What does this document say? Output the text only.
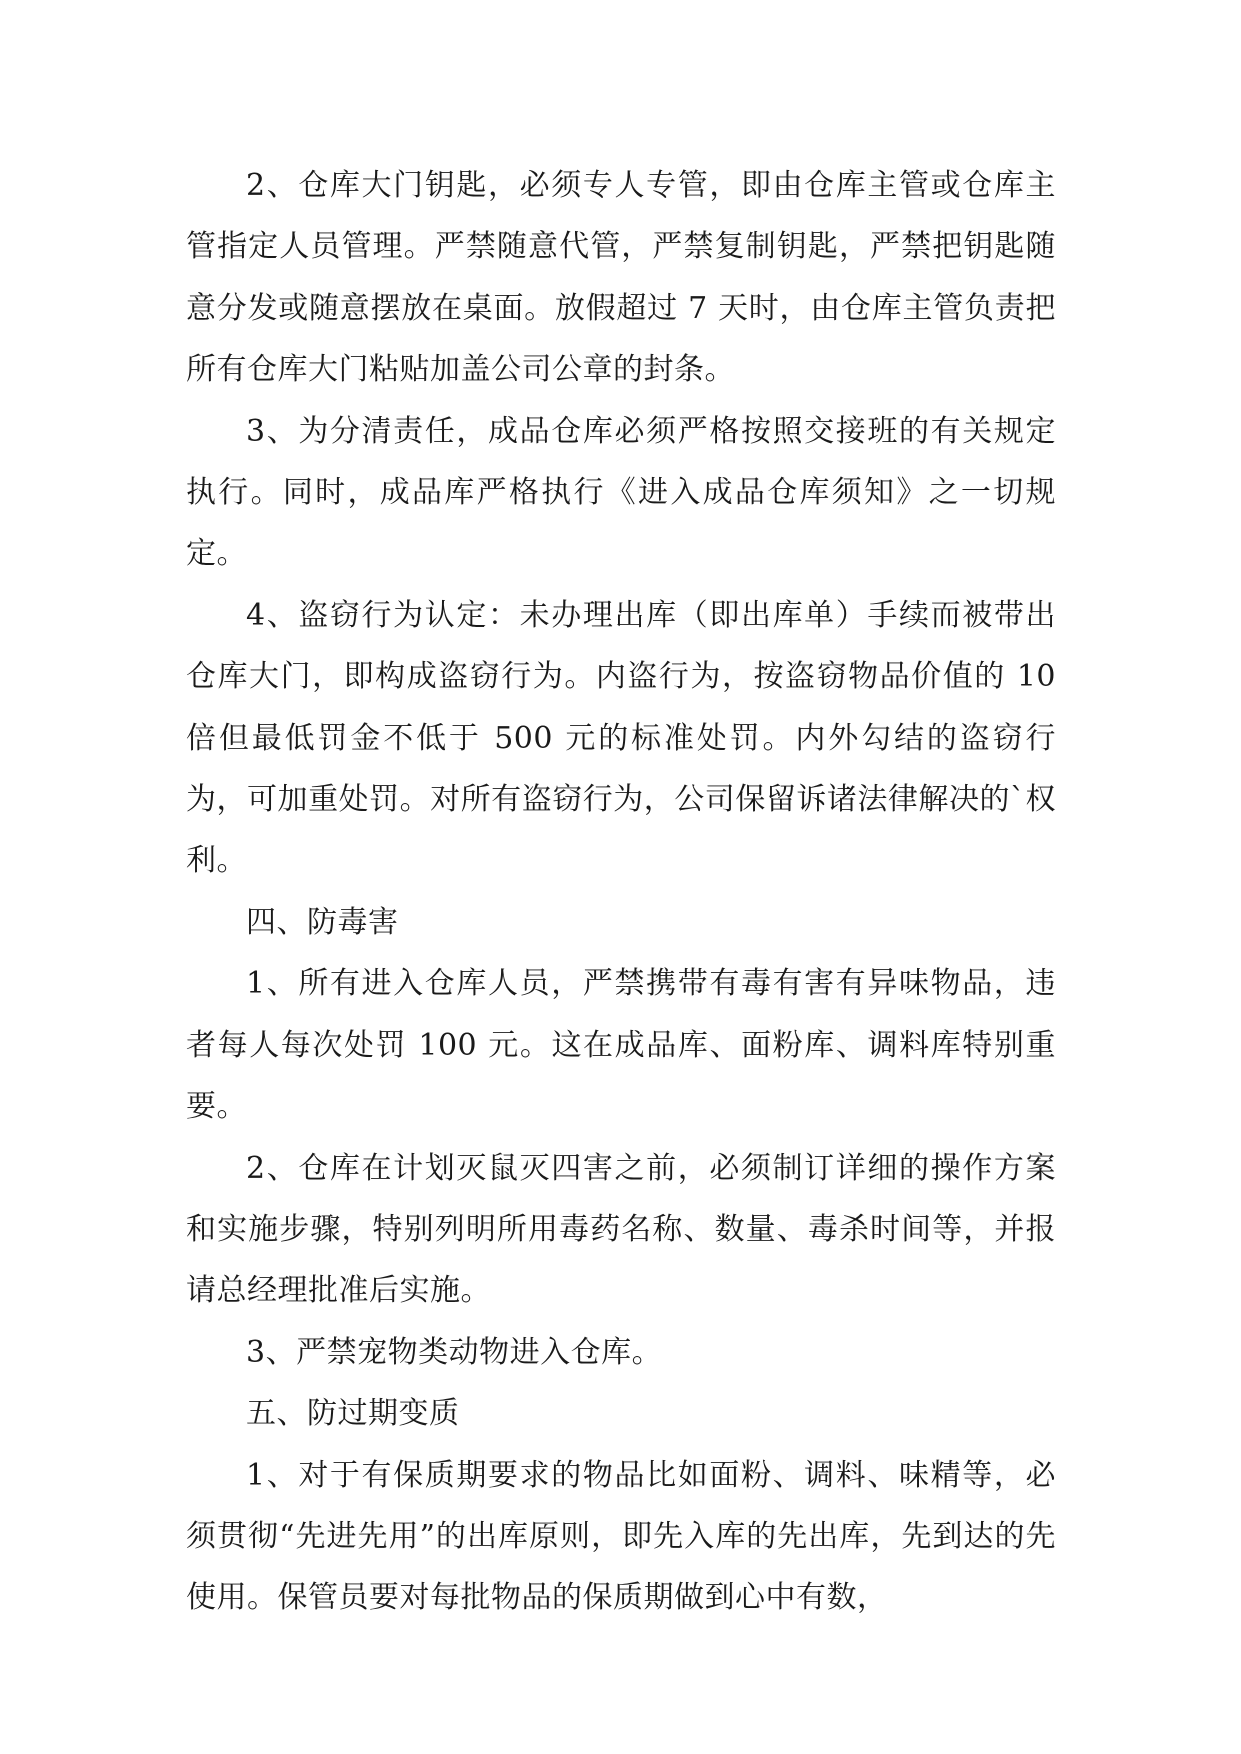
2、仓库大门钥匙，必须专人专管，即由仓库主管或仓库主管指定人员管理。严禁随意代管，严禁复制钥匙，严禁把钥匙随意分发或随意摆放在桌面。放假超过 7 天时，由仓库主管负责把所有仓库大门粘贴加盖公司公章的封条。

3、为分清责任，成品仓库必须严格按照交接班的有关规定执行。同时，成品库严格执行《进入成品仓库须知》之一切规定。

4、盗窃行为认定：未办理出库（即出库单）手续而被带出仓库大门，即构成盗窃行为。内盗行为，按盗窃物品价值的 10 倍但最低罚金不低于 500 元的标准处罚。内外勾结的盗窃行为，可加重处罚。对所有盗窃行为，公司保留诉诸法律解决的`权利。

四、防毒害

1、所有进入仓库人员，严禁携带有毒有害有异味物品，违者每人每次处罚 100 元。这在成品库、面粉库、调料库特别重要。

2、仓库在计划灭鼠灭四害之前，必须制订详细的操作方案和实施步骤，特别列明所用毒药名称、数量、毒杀时间等，并报请总经理批准后实施。

3、严禁宠物类动物进入仓库。

五、防过期变质

1、对于有保质期要求的物品比如面粉、调料、味精等，必须贯彻“先进先用”的出库原则，即先入库的先出库，先到达的先使用。保管员要对每批物品的保质期做到心中有数，
